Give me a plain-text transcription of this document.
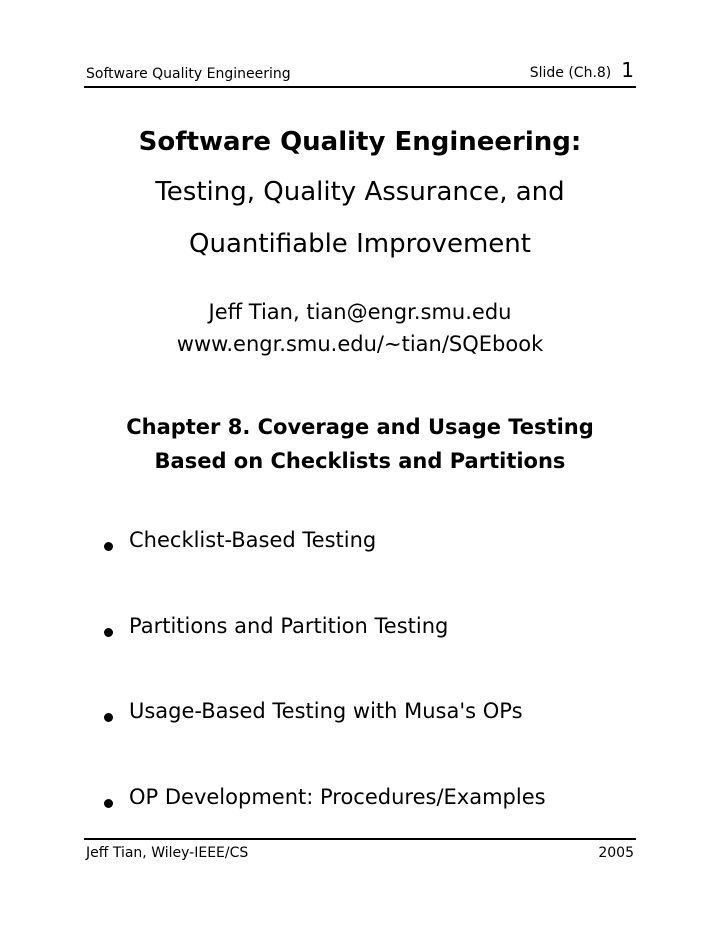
Software Quality Engineering	Slide (Ch.8) 1
Software Quality Engineering:
Testing, Quality Assurance, and
Quantifiable Improvement
Jeff Tian, tian@engr.smu.edu
www.engr.smu.edu/∼tian/SQEbook
Chapter 8. Coverage and Usage Testing
Based on Checklists and Partitions
Checklist-Based Testing
Partitions and Partition Testing
Usage-Based Testing with Musa's OPs
OP Development: Procedures/Examples
Jeff Tian, Wiley-IEEE/CS	2005
